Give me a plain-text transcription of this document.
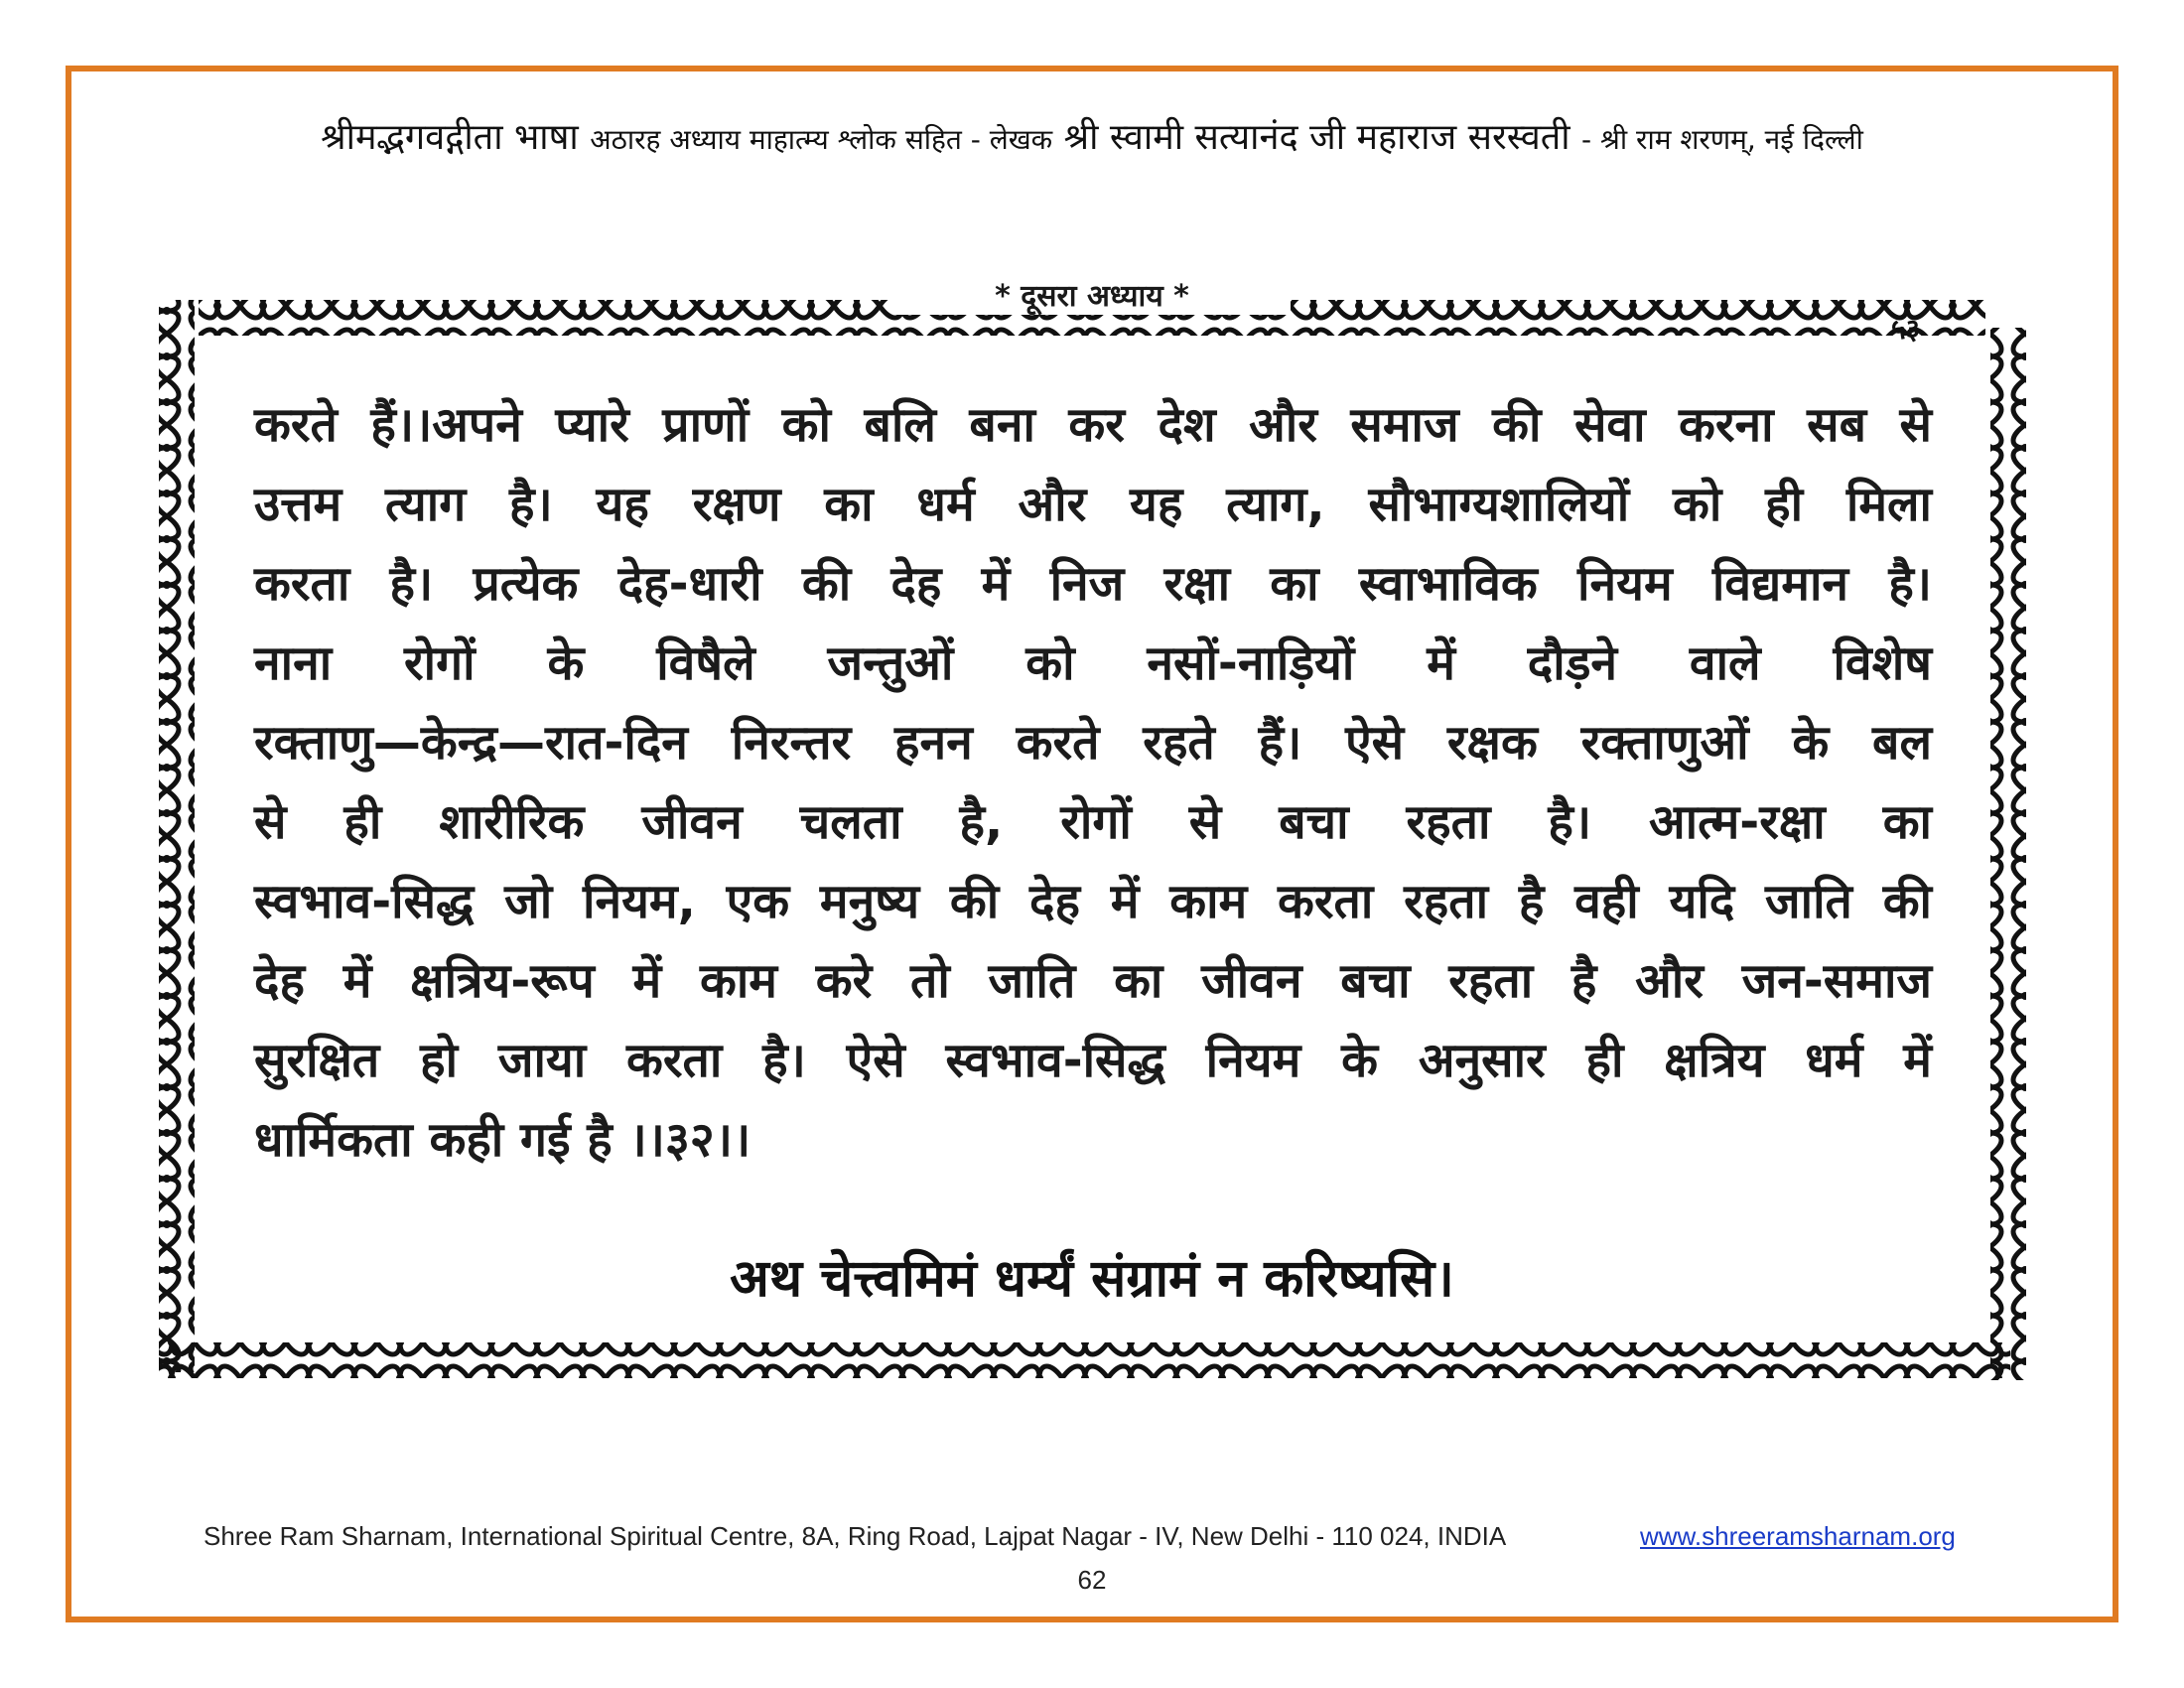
श्रीमद्भगवद्गीता भाषा अठारह अध्याय माहात्म्य श्लोक सहित - लेखक श्री स्वामी सत्यानंद जी महाराज सरस्वती - श्री राम शरणम्, नई दिल्ली
* दूसरा अध्याय *
५३
करते हैं।।अपने प्यारे प्राणों को बलि बना कर देश और समाज की सेवा करना सब से
उत्तम त्याग है। यह रक्षण का धर्म और यह त्याग, सौभाग्यशालियों को ही मिला
करता है। प्रत्येक देह-धारी की देह में निज रक्षा का स्वाभाविक नियम विद्यमान है।
नाना रोगों के विषैले जन्तुओं को नसों-नाड़ियों में दौड़ने वाले विशेष
रक्ताणु—केन्द्र—रात-दिन निरन्तर हनन करते रहते हैं। ऐसे रक्षक रक्ताणुओं के बल
से ही शारीरिक जीवन चलता है, रोगों से बचा रहता है। आत्म-रक्षा का
स्वभाव-सिद्ध जो नियम, एक मनुष्य की देह में काम करता रहता है वही यदि जाति की
देह में क्षत्रिय-रूप में काम करे तो जाति का जीवन बचा रहता है और जन-समाज
सुरक्षित हो जाया करता है। ऐसे स्वभाव-सिद्ध नियम के अनुसार ही क्षत्रिय धर्म में
धार्मिकता कही गई है ।।३२।।
अथ चेत्त्वमिमं धर्म्यं संग्रामं न करिष्यसि।
Shree Ram Sharnam, International Spiritual Centre, 8A, Ring Road, Lajpat Nagar - IV, New Delhi - 110 024, INDIA	www.shreeramsharnam.org
62
